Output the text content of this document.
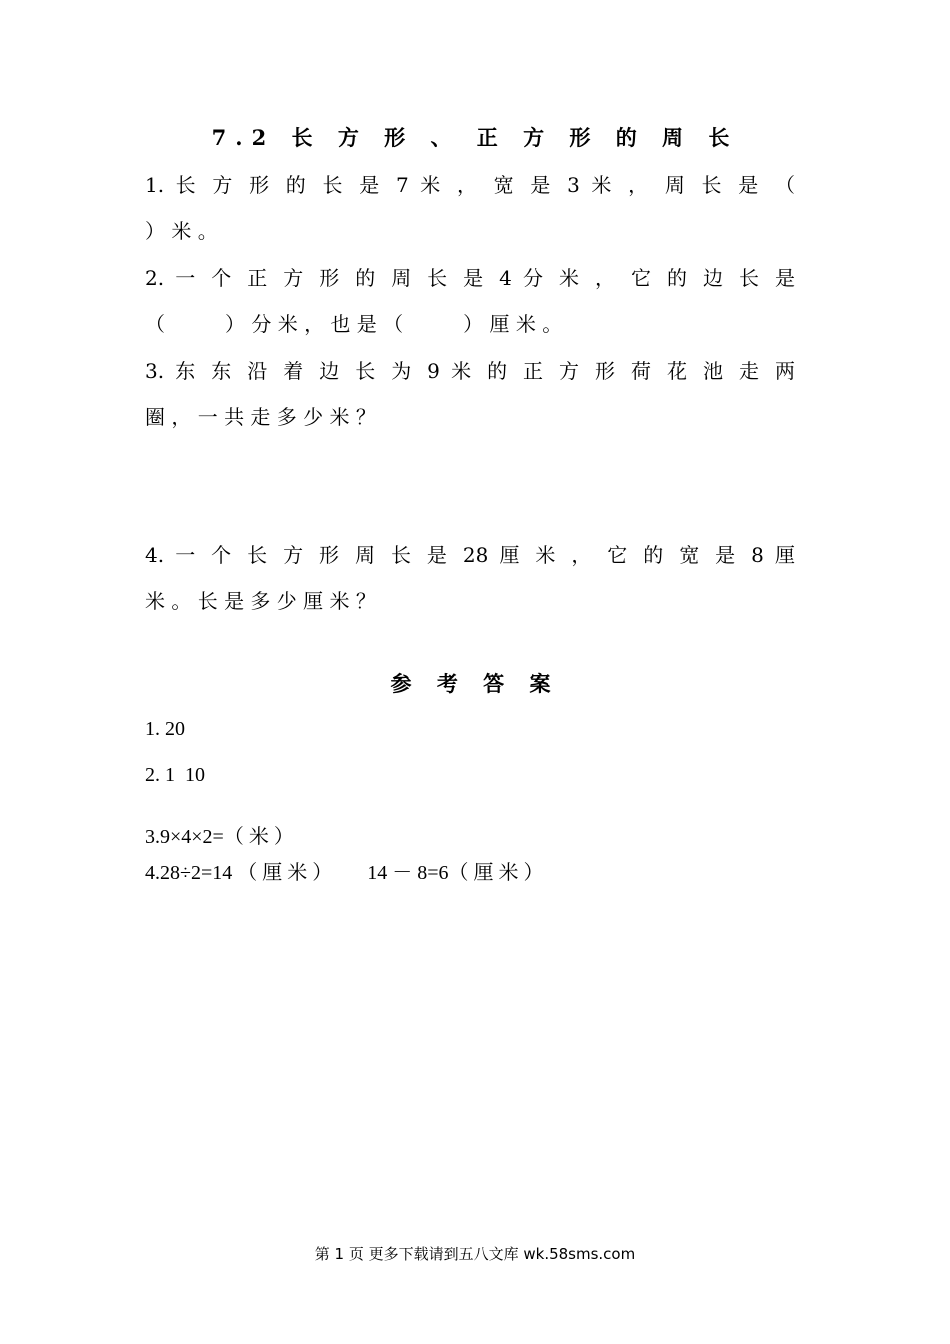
7.2 长 方 形 、 正 方 形 的 周 长
1. 长 方 形 的 长 是 7 米 ， 宽 是 3 米 ， 周 长 是 （
） 米 。
2. 一 个 正 方 形 的 周 长 是 4 分 米 ， 它 的 边 长 是
（　　　） 分 米 ， 也 是 （　　　） 厘 米 。
3. 东 东 沿 着 边 长 为 9 米 的 正 方 形 荷 花 池 走 两
圈 ， 一 共 走 多 少 米 ？
4. 一 个 长 方 形 周 长 是 28 厘 米 ， 它 的 宽 是 8 厘
米 。 长 是 多 少 厘 米 ？
参 考 答 案
1. 20
2. 1  10
3.9×4×2=（ 米 ）
4.28÷2=14 （ 厘 米 ）       14 － 8=6（ 厘 米 ）
第 1 页 更多下载请到五八文库 wk.58sms.com
